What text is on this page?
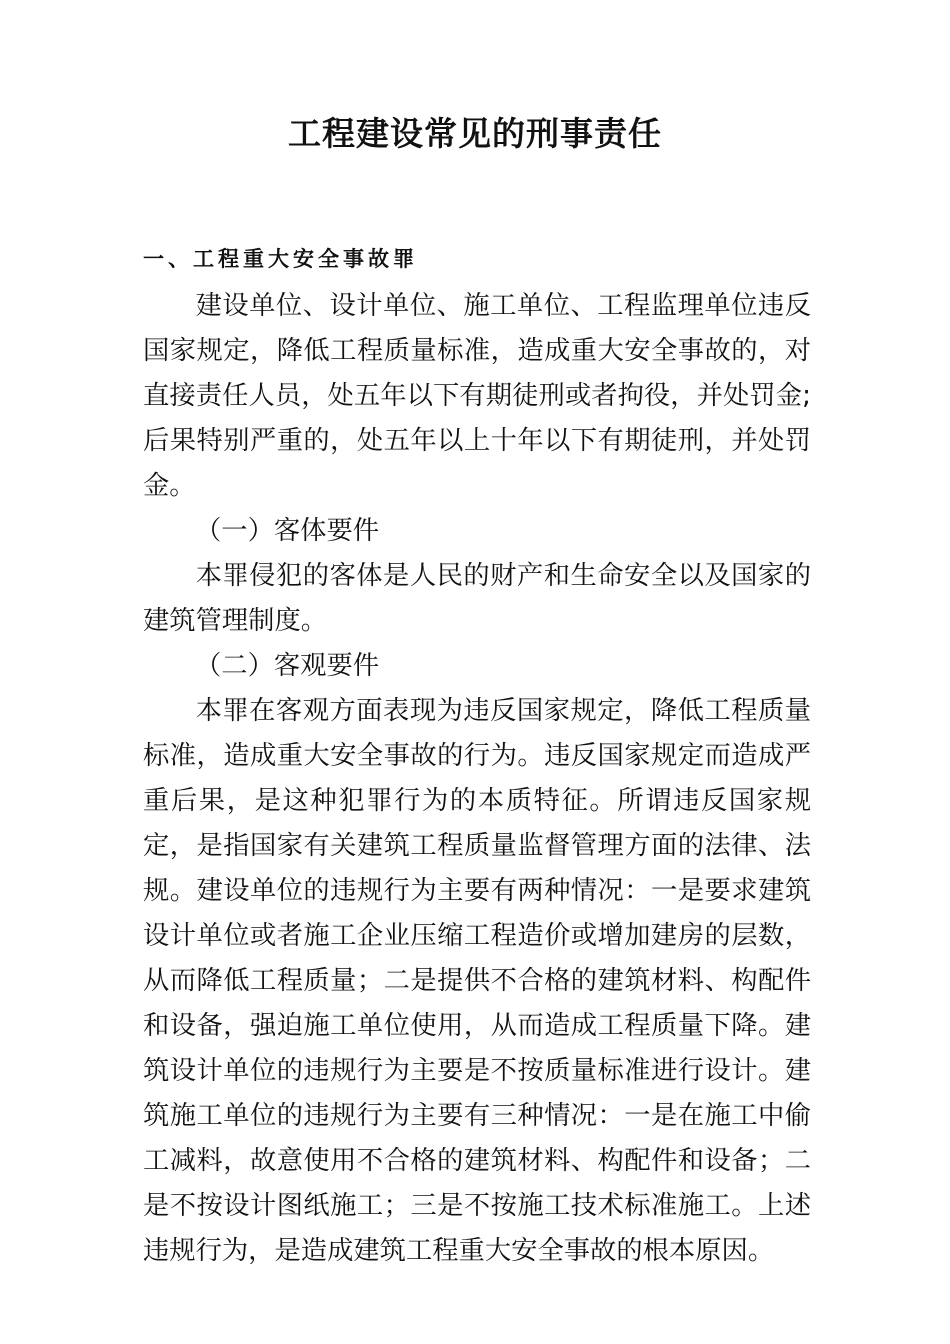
工程建设常见的刑事责任
一、工程重大安全事故罪

建设单位、设计单位、施工单位、工程监理单位违反国家规定，降低工程质量标准，造成重大安全事故的，对直接责任人员，处五年以下有期徒刑或者拘役，并处罚金;后果特别严重的，处五年以上十年以下有期徒刑，并处罚金。

（一）客体要件

本罪侵犯的客体是人民的财产和生命安全以及国家的建筑管理制度。

（二）客观要件

本罪在客观方面表现为违反国家规定，降低工程质量标准，造成重大安全事故的行为。违反国家规定而造成严重后果，是这种犯罪行为的本质特征。所谓违反国家规定，是指国家有关建筑工程质量监督管理方面的法律、法规。建设单位的违规行为主要有两种情况：一是要求建筑设计单位或者施工企业压缩工程造价或增加建房的层数，从而降低工程质量；二是提供不合格的建筑材料、构配件和设备，强迫施工单位使用，从而造成工程质量下降。建筑设计单位的违规行为主要是不按质量标准进行设计。建筑施工单位的违规行为主要有三种情况：一是在施工中偷工减料，故意使用不合格的建筑材料、构配件和设备；二是不按设计图纸施工；三是不按施工技术标准施工。上述违规行为，是造成建筑工程重大安全事故的根本原因。
